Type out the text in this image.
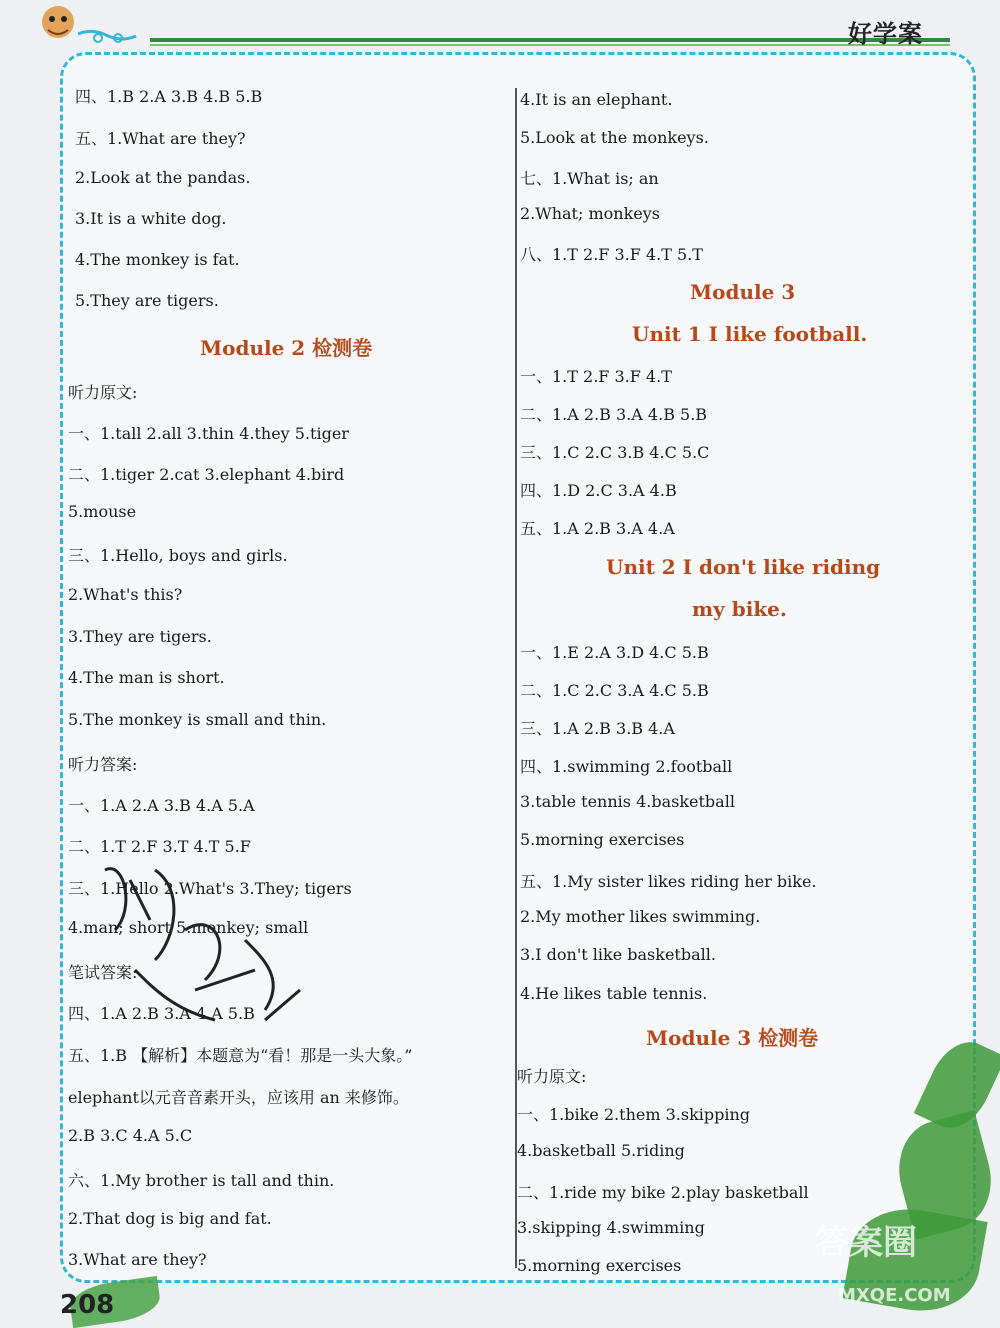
好学案
四、1.B 2.A 3.B 4.B 5.B
五、1.What are they?
2.Look at the pandas.
3.It is a white dog.
4.The monkey is fat.
5.They are tigers.
Module 2 检测卷
听力原文:
一、1.tall 2.all 3.thin 4.they 5.tiger
二、1.tiger 2.cat 3.elephant 4.bird
5.mouse
三、1.Hello, boys and girls.
2.What's this?
3.They are tigers.
4.The man is short.
5.The monkey is small and thin.
听力答案:
一、1.A 2.A 3.B 4.A 5.A
二、1.T 2.F 3.T 4.T 5.F
三、1.Hello 2.What's 3.They; tigers
4.man; short 5.monkey; small
笔试答案:
四、1.A 2.B 3.A 4.A 5.B
五、1.B 【解析】本题意为“看！那是一头大象。”
elephant以元音音素开头，应该用 an 来修饰。
2.B 3.C 4.A 5.C
六、1.My brother is tall and thin.
2.That dog is big and fat.
3.What are they?
4.It is an elephant.
5.Look at the monkeys.
七、1.What is; an
2.What; monkeys
八、1.T 2.F 3.F 4.T 5.T
Module 3
Unit 1 I like football.
一、1.T 2.F 3.F 4.T
二、1.A 2.B 3.A 4.B 5.B
三、1.C 2.C 3.B 4.C 5.C
四、1.D 2.C 3.A 4.B
五、1.A 2.B 3.A 4.A
Unit 2 I don't like riding
my bike.
一、1.E 2.A 3.D 4.C 5.B
二、1.C 2.C 3.A 4.C 5.B
三、1.A 2.B 3.B 4.A
四、1.swimming 2.football
3.table tennis 4.basketball
5.morning exercises
五、1.My sister likes riding her bike.
2.My mother likes swimming.
3.I don't like basketball.
4.He likes table tennis.
Module 3 检测卷
听力原文:
一、1.bike 2.them 3.skipping
4.basketball 5.riding
二、1.ride my bike 2.play basketball
3.skipping 4.swimming
5.morning exercises
答案圈
MXQE.COM
208
